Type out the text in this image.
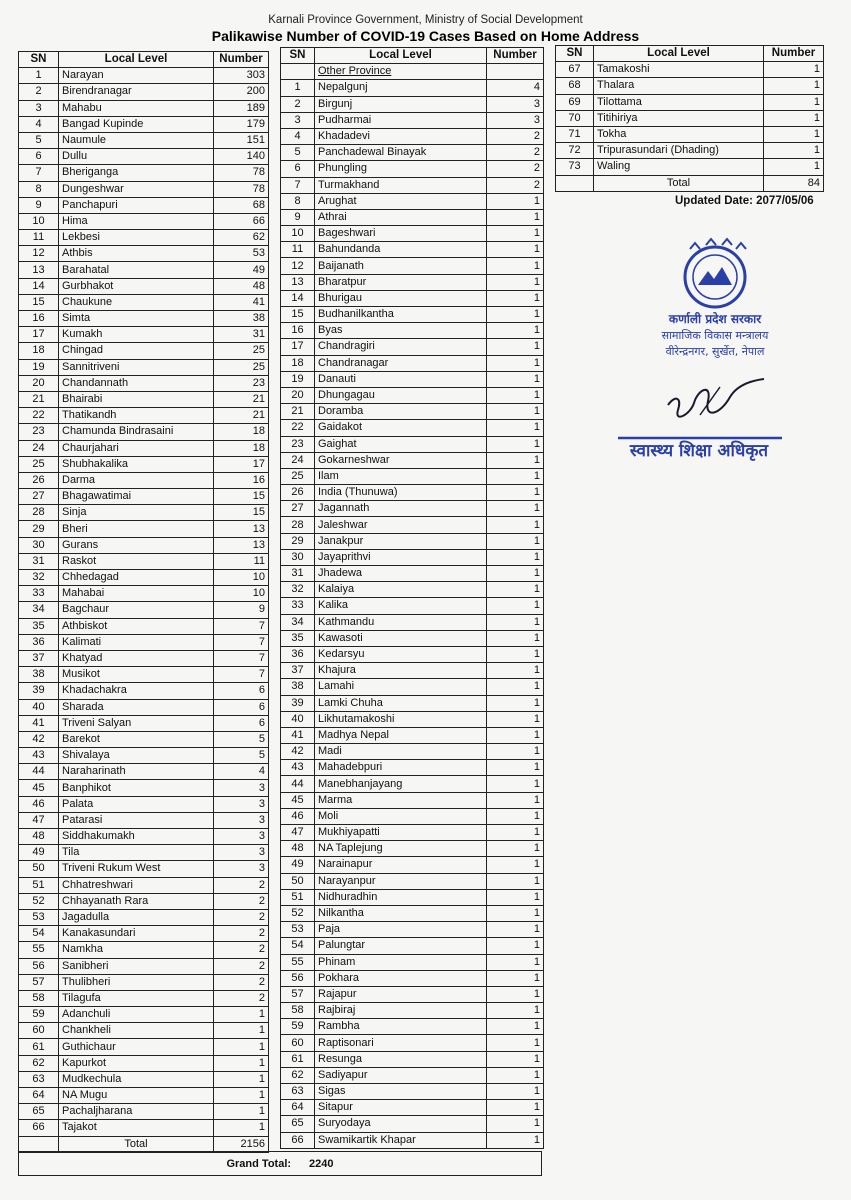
Karnali Province Government, Ministry of Social Development
Palikawise Number of COVID-19 Cases Based on Home Address
SN	Local Level	Number
1	Narayan	303
2	Birendranagar	200
3	Mahabu	189
4	Bangad Kupinde	179
5	Naumule	151
6	Dullu	140
7	Bheriganga	78
8	Dungeshwar	78
9	Panchapuri	68
10	Hima	66
11	Lekbesi	62
12	Athbis	53
13	Barahatal	49
14	Gurbhakot	48
15	Chaukune	41
16	Simta	38
17	Kumakh	31
18	Chingad	25
19	Sannitriveni	25
20	Chandannath	23
21	Bhairabi	21
22	Thatikandh	21
23	Chamunda Bindrasaini	18
24	Chaurjahari	18
25	Shubhakalika	17
26	Darma	16
27	Bhagawatimai	15
28	Sinja	15
29	Bheri	13
30	Gurans	13
31	Raskot	11
32	Chhedagad	10
33	Mahabai	10
34	Bagchaur	9
35	Athbiskot	7
36	Kalimati	7
37	Khatyad	7
38	Musikot	7
39	Khadachakra	6
40	Sharada	6
41	Triveni Salyan	6
42	Barekot	5
43	Shivalaya	5
44	Naraharinath	4
45	Banphikot	3
46	Palata	3
47	Patarasi	3
48	Siddhakumakh	3
49	Tila	3
50	Triveni Rukum West	3
51	Chhatreshwari	2
52	Chhayanath Rara	2
53	Jagadulla	2
54	Kanakasundari	2
55	Namkha	2
56	Sanibheri	2
57	Thulibheri	2
58	Tilagufa	2
59	Adanchuli	1
60	Chankheli	1
61	Guthichaur	1
62	Kapurkot	1
63	Mudkechula	1
64	NA Mugu	1
65	Pachaljharana	1
66	Tajakot	1
	Total	2156
SN	Local Level	Number
	Other Province	
1	Nepalgunj	4
2	Birgunj	3
3	Pudharmai	3
4	Khadadevi	2
5	Panchadewal Binayak	2
6	Phungling	2
7	Turmakhand	2
8	Arughat	1
9	Athrai	1
10	Bageshwari	1
11	Bahundanda	1
12	Baijanath	1
13	Bharatpur	1
14	Bhurigau	1
15	Budhanilkantha	1
16	Byas	1
17	Chandragiri	1
18	Chandranagar	1
19	Danauti	1
20	Dhungagau	1
21	Doramba	1
22	Gaidakot	1
23	Gaighat	1
24	Gokarneshwar	1
25	Ilam	1
26	India (Thunuwa)	1
27	Jagannath	1
28	Jaleshwar	1
29	Janakpur	1
30	Jayaprithvi	1
31	Jhadewa	1
32	Kalaiya	1
33	Kalika	1
34	Kathmandu	1
35	Kawasoti	1
36	Kedarsyu	1
37	Khajura	1
38	Lamahi	1
39	Lamki Chuha	1
40	Likhutamakoshi	1
41	Madhya Nepal	1
42	Madi	1
43	Mahadebpuri	1
44	Manebhanjayang	1
45	Marma	1
46	Moli	1
47	Mukhiyapatti	1
48	NA Taplejung	1
49	Narainapur	1
50	Narayanpur	1
51	Nidhuradhin	1
52	Nilkantha	1
53	Paja	1
54	Palungtar	1
55	Phinam	1
56	Pokhara	1
57	Rajapur	1
58	Rajbiraj	1
59	Rambha	1
60	Raptisonari	1
61	Resunga	1
62	Sadiyapur	1
63	Sigas	1
64	Sitapur	1
65	Suryodaya	1
66	Swamikartik Khapar	1
SN	Local Level	Number
67	Tamakoshi	1
68	Thalara	1
69	Tilottama	1
70	Titihiriya	1
71	Tokha	1
72	Tripurasundari (Dhading)	1
73	Waling	1
	Total	84
Updated Date: 2077/05/06
Grand Total: 2240
कर्णाली प्रदेश सरकार
सामाजिक विकास मन्त्रालय
वीरेन्द्रनगर, सुर्खेत, नेपाल
स्वास्थ्य शिक्षा अधिकृत
